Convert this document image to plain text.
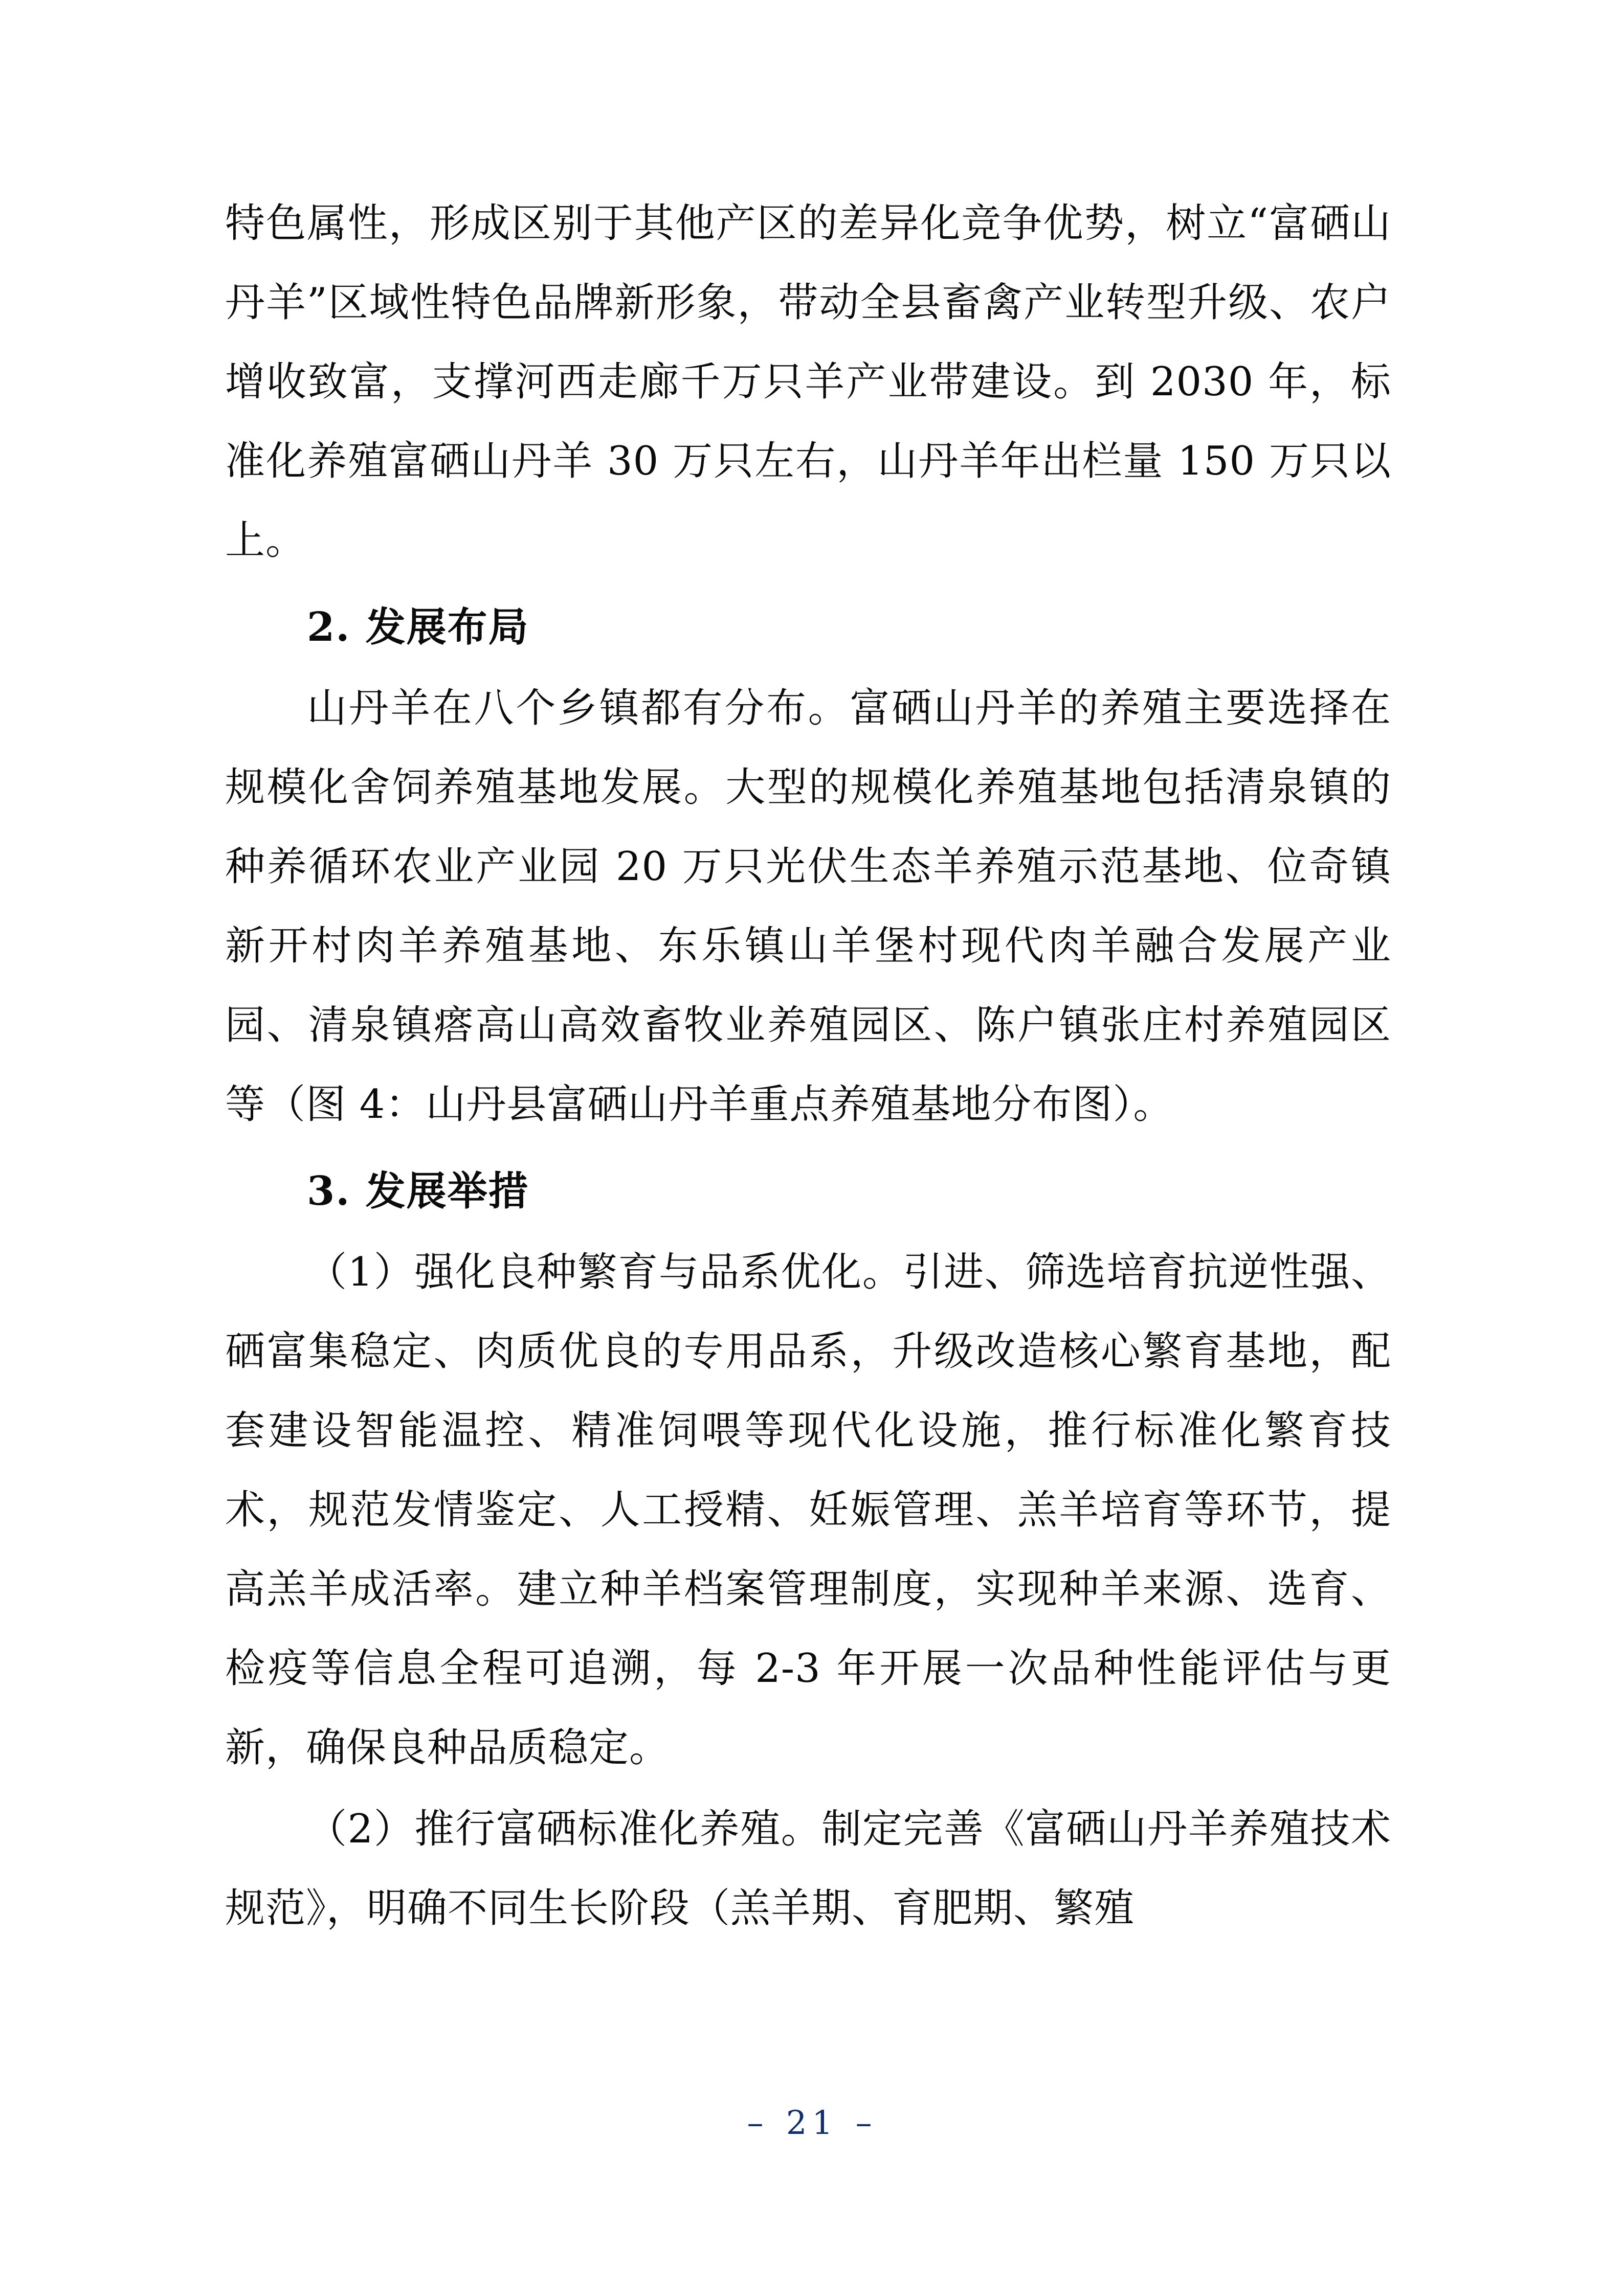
特色属性，形成区别于其他产区的差异化竞争优势，树立“富硒山丹羊”区域性特色品牌新形象，带动全县畜禽产业转型升级、农户增收致富，支撑河西走廊千万只羊产业带建设。到 2030 年，标准化养殖富硒山丹羊 30 万只左右，山丹羊年出栏量 150 万只以上。

2. 发展布局

山丹羊在八个乡镇都有分布。富硒山丹羊的养殖主要选择在规模化舍饲养殖基地发展。大型的规模化养殖基地包括清泉镇的种养循环农业产业园 20 万只光伏生态羊养殖示范基地、位奇镇新开村肉羊养殖基地、东乐镇山羊堡村现代肉羊融合发展产业园、清泉镇瘩高山高效畜牧业养殖园区、陈户镇张庄村养殖园区等（图 4：山丹县富硒山丹羊重点养殖基地分布图）。

3. 发展举措

（1）强化良种繁育与品系优化。引进、筛选培育抗逆性强、硒富集稳定、肉质优良的专用品系，升级改造核心繁育基地，配套建设智能温控、精准饲喂等现代化设施，推行标准化繁育技术，规范发情鉴定、人工授精、妊娠管理、羔羊培育等环节，提高羔羊成活率。建立种羊档案管理制度，实现种羊来源、选育、检疫等信息全程可追溯，每 2-3 年开展一次品种性能评估与更新，确保良种品质稳定。

（2）推行富硒标准化养殖。制定完善《富硒山丹羊养殖技术规范》，明确不同生长阶段（羔羊期、育肥期、繁殖

– 21 –
